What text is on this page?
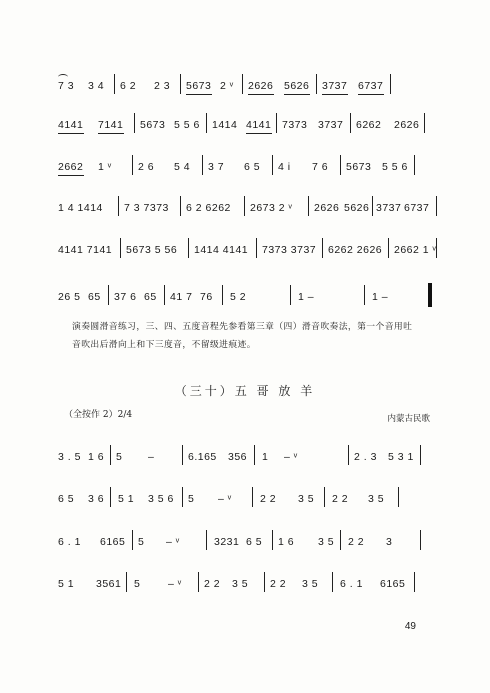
7 3 3 4 6 2 2 3 5673 2 ᵛ 2626 5626 3737 6737
4141 7141 5673 5 5 6 1414 4141 7373 3737 6262 2626
2662 1 ᵛ	2 6 5 4 3 7 6 5 4 i 7 6 5673 5 5 6
1 4 1414 7 3 7373 6 2 6262 2673 2 ᵛ 2626 5626 3737 6737
4141 7141 5673 5 56 1414 4141 7373 3737 6262 2626 2662 1 ᵛ
26 5 65 37 6 65 41 7 76 5 2	1 –	1 –
演奏圆滑音练习，三、四、五度音程先参看第三章（四）滑音吹奏法，第一个音用吐
音吹出后滑向上和下三度音，不留级进痕迹。
（三十）五 哥 放 羊
（全按作 2）2/4	内蒙古民歌
3 . 5 1 6 5 –	6.165 356 1 – ᵛ	2 . 3 5 3 1
6 5 3 6 5 1 3 5 6 5 – ᵛ	2 2 3 5 2 2 3 5
6 . 1 6165 5 – ᵛ	3231 6 5 1 6 3 5 2 2 3
5 1 3561 5	– ᵛ 2 2 3 5 2 2 3 5 6 . 1 6165
49
